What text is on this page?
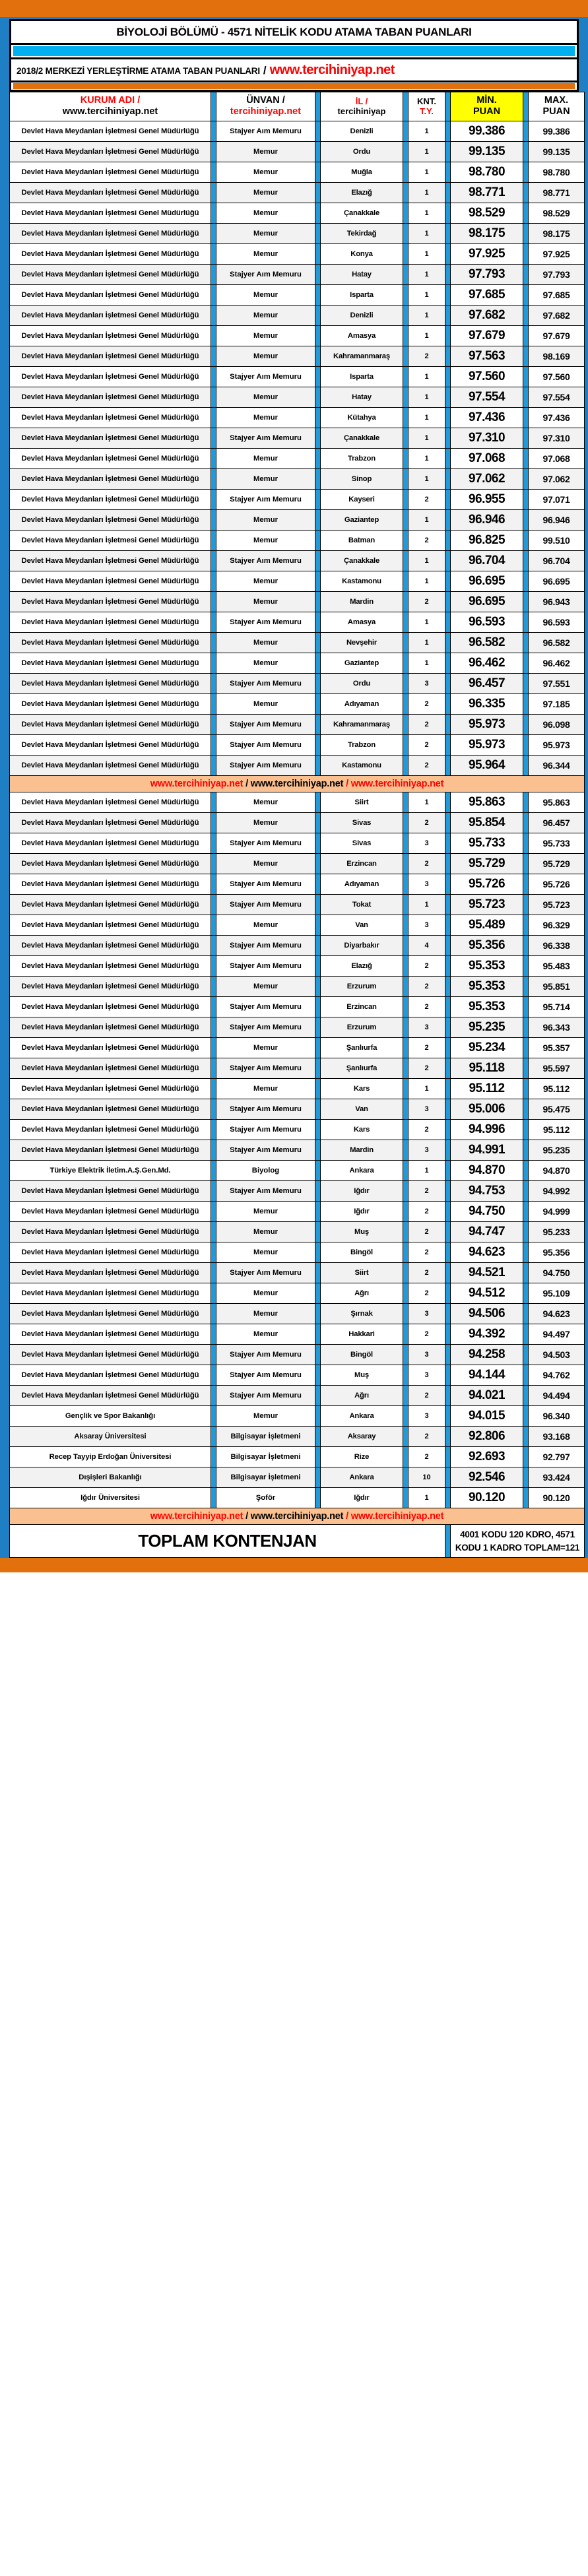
BİYOLOJİ BÖLÜMÜ - 4571 NİTELİK KODU ATAMA TABAN PUANLARI
2018/2 MERKEZİ YERLEŞTİRME ATAMA TABAN PUANLARI / www.tercihiniyap.net
KURUM ADI /
www.tercihiniyap.net		ÜNVAN /
tercihiniyap.net		İL /
tercihiniyap		KNT.
T.Y.		MİN.
PUAN		MAX.
PUAN

Devlet Hava Meydanları İşletmesi Genel Müdürlüğü		Stajyer Aım Memuru		Denizli		1		99.386		99.386
Devlet Hava Meydanları İşletmesi Genel Müdürlüğü		Memur		Ordu		1		99.135		99.135
Devlet Hava Meydanları İşletmesi Genel Müdürlüğü		Memur		Muğla		1		98.780		98.780
Devlet Hava Meydanları İşletmesi Genel Müdürlüğü		Memur		Elazığ		1		98.771		98.771
Devlet Hava Meydanları İşletmesi Genel Müdürlüğü		Memur		Çanakkale		1		98.529		98.529
Devlet Hava Meydanları İşletmesi Genel Müdürlüğü		Memur		Tekirdağ		1		98.175		98.175
Devlet Hava Meydanları İşletmesi Genel Müdürlüğü		Memur		Konya		1		97.925		97.925
Devlet Hava Meydanları İşletmesi Genel Müdürlüğü		Stajyer Aım Memuru		Hatay		1		97.793		97.793
Devlet Hava Meydanları İşletmesi Genel Müdürlüğü		Memur		Isparta		1		97.685		97.685
Devlet Hava Meydanları İşletmesi Genel Müdürlüğü		Memur		Denizli		1		97.682		97.682
Devlet Hava Meydanları İşletmesi Genel Müdürlüğü		Memur		Amasya		1		97.679		97.679
Devlet Hava Meydanları İşletmesi Genel Müdürlüğü		Memur		Kahramanmaraş		2		97.563		98.169
Devlet Hava Meydanları İşletmesi Genel Müdürlüğü		Stajyer Aım Memuru		Isparta		1		97.560		97.560
Devlet Hava Meydanları İşletmesi Genel Müdürlüğü		Memur		Hatay		1		97.554		97.554
Devlet Hava Meydanları İşletmesi Genel Müdürlüğü		Memur		Kütahya		1		97.436		97.436
Devlet Hava Meydanları İşletmesi Genel Müdürlüğü		Stajyer Aım Memuru		Çanakkale		1		97.310		97.310
Devlet Hava Meydanları İşletmesi Genel Müdürlüğü		Memur		Trabzon		1		97.068		97.068
Devlet Hava Meydanları İşletmesi Genel Müdürlüğü		Memur		Sinop		1		97.062		97.062
Devlet Hava Meydanları İşletmesi Genel Müdürlüğü		Stajyer Aım Memuru		Kayseri		2		96.955		97.071
Devlet Hava Meydanları İşletmesi Genel Müdürlüğü		Memur		Gaziantep		1		96.946		96.946
Devlet Hava Meydanları İşletmesi Genel Müdürlüğü		Memur		Batman		2		96.825		99.510
Devlet Hava Meydanları İşletmesi Genel Müdürlüğü		Stajyer Aım Memuru		Çanakkale		1		96.704		96.704
Devlet Hava Meydanları İşletmesi Genel Müdürlüğü		Memur		Kastamonu		1		96.695		96.695
Devlet Hava Meydanları İşletmesi Genel Müdürlüğü		Memur		Mardin		2		96.695		96.943
Devlet Hava Meydanları İşletmesi Genel Müdürlüğü		Stajyer Aım Memuru		Amasya		1		96.593		96.593
Devlet Hava Meydanları İşletmesi Genel Müdürlüğü		Memur		Nevşehir		1		96.582		96.582
Devlet Hava Meydanları İşletmesi Genel Müdürlüğü		Memur		Gaziantep		1		96.462		96.462
Devlet Hava Meydanları İşletmesi Genel Müdürlüğü		Stajyer Aım Memuru		Ordu		3		96.457		97.551
Devlet Hava Meydanları İşletmesi Genel Müdürlüğü		Memur		Adıyaman		2		96.335		97.185
Devlet Hava Meydanları İşletmesi Genel Müdürlüğü		Stajyer Aım Memuru		Kahramanmaraş		2		95.973		96.098
Devlet Hava Meydanları İşletmesi Genel Müdürlüğü		Stajyer Aım Memuru		Trabzon		2		95.973		95.973
Devlet Hava Meydanları İşletmesi Genel Müdürlüğü		Stajyer Aım Memuru		Kastamonu		2		95.964		96.344
www.tercihiniyap.net / www.tercihiniyap.net / www.tercihiniyap.net										
Devlet Hava Meydanları İşletmesi Genel Müdürlüğü		Memur		Siirt		1		95.863		95.863
Devlet Hava Meydanları İşletmesi Genel Müdürlüğü		Memur		Sivas		2		95.854		96.457
Devlet Hava Meydanları İşletmesi Genel Müdürlüğü		Stajyer Aım Memuru		Sivas		3		95.733		95.733
Devlet Hava Meydanları İşletmesi Genel Müdürlüğü		Memur		Erzincan		2		95.729		95.729
Devlet Hava Meydanları İşletmesi Genel Müdürlüğü		Stajyer Aım Memuru		Adıyaman		3		95.726		95.726
Devlet Hava Meydanları İşletmesi Genel Müdürlüğü		Stajyer Aım Memuru		Tokat		1		95.723		95.723
Devlet Hava Meydanları İşletmesi Genel Müdürlüğü		Memur		Van		3		95.489		96.329
Devlet Hava Meydanları İşletmesi Genel Müdürlüğü		Stajyer Aım Memuru		Diyarbakır		4		95.356		96.338
Devlet Hava Meydanları İşletmesi Genel Müdürlüğü		Stajyer Aım Memuru		Elazığ		2		95.353		95.483
Devlet Hava Meydanları İşletmesi Genel Müdürlüğü		Memur		Erzurum		2		95.353		95.851
Devlet Hava Meydanları İşletmesi Genel Müdürlüğü		Stajyer Aım Memuru		Erzincan		2		95.353		95.714
Devlet Hava Meydanları İşletmesi Genel Müdürlüğü		Stajyer Aım Memuru		Erzurum		3		95.235		96.343
Devlet Hava Meydanları İşletmesi Genel Müdürlüğü		Memur		Şanlıurfa		2		95.234		95.357
Devlet Hava Meydanları İşletmesi Genel Müdürlüğü		Stajyer Aım Memuru		Şanlıurfa		2		95.118		95.597
Devlet Hava Meydanları İşletmesi Genel Müdürlüğü		Memur		Kars		1		95.112		95.112
Devlet Hava Meydanları İşletmesi Genel Müdürlüğü		Stajyer Aım Memuru		Van		3		95.006		95.475
Devlet Hava Meydanları İşletmesi Genel Müdürlüğü		Stajyer Aım Memuru		Kars		2		94.996		95.112
Devlet Hava Meydanları İşletmesi Genel Müdürlüğü		Stajyer Aım Memuru		Mardin		3		94.991		95.235
Türkiye Elektrik İletim.A.Ş.Gen.Md.		Biyolog		Ankara		1		94.870		94.870
Devlet Hava Meydanları İşletmesi Genel Müdürlüğü		Stajyer Aım Memuru		Iğdır		2		94.753		94.992
Devlet Hava Meydanları İşletmesi Genel Müdürlüğü		Memur		Iğdır		2		94.750		94.999
Devlet Hava Meydanları İşletmesi Genel Müdürlüğü		Memur		Muş		2		94.747		95.233
Devlet Hava Meydanları İşletmesi Genel Müdürlüğü		Memur		Bingöl		2		94.623		95.356
Devlet Hava Meydanları İşletmesi Genel Müdürlüğü		Stajyer Aım Memuru		Siirt		2		94.521		94.750
Devlet Hava Meydanları İşletmesi Genel Müdürlüğü		Memur		Ağrı		2		94.512		95.109
Devlet Hava Meydanları İşletmesi Genel Müdürlüğü		Memur		Şırnak		3		94.506		94.623
Devlet Hava Meydanları İşletmesi Genel Müdürlüğü		Memur		Hakkari		2		94.392		94.497
Devlet Hava Meydanları İşletmesi Genel Müdürlüğü		Stajyer Aım Memuru		Bingöl		3		94.258		94.503
Devlet Hava Meydanları İşletmesi Genel Müdürlüğü		Stajyer Aım Memuru		Muş		3		94.144		94.762
Devlet Hava Meydanları İşletmesi Genel Müdürlüğü		Stajyer Aım Memuru		Ağrı		2		94.021		94.494
Gençlik ve Spor Bakanlığı		Memur		Ankara		3		94.015		96.340
Aksaray Üniversitesi		Bilgisayar İşletmeni		Aksaray		2		92.806		93.168
Recep Tayyip Erdoğan Üniversitesi		Bilgisayar İşletmeni		Rize		2		92.693		92.797
Dışişleri Bakanlığı		Bilgisayar İşletmeni		Ankara		10		92.546		93.424
Iğdır Üniversitesi		Şoför		Iğdır		1		90.120		90.120
www.tercihiniyap.net / www.tercihiniyap.net / www.tercihiniyap.net										
TOPLAM KONTENJAN								4001 KODU 120 KDRO, 4571
KODU 1 KADRO TOPLAM=121		
